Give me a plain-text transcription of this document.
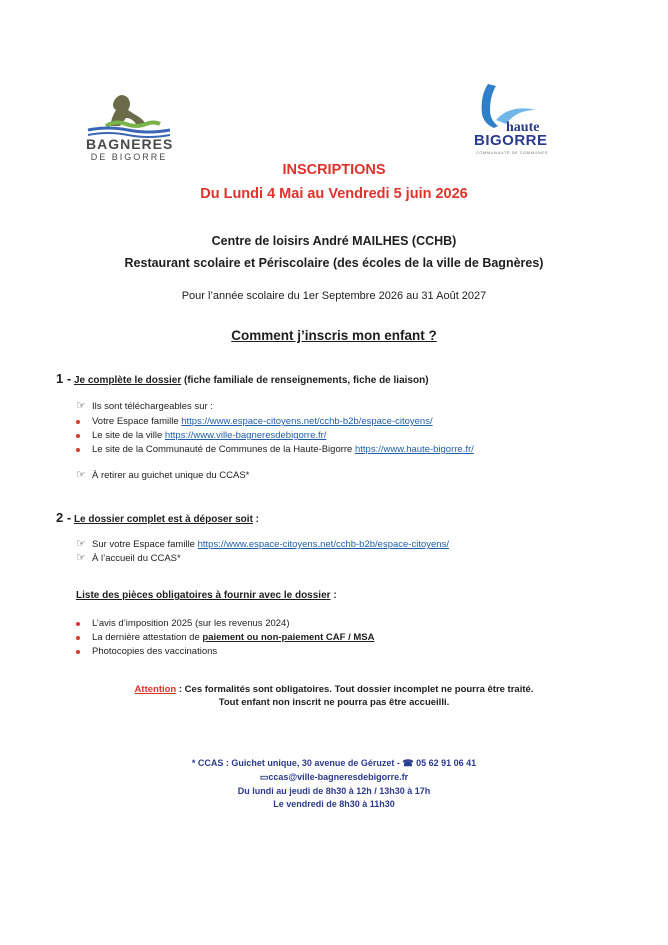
BAGNERES
DE BIGORRE
haute
BIGORRE
COMMUNAUTÉ DE COMMUNES
INSCRIPTIONS
Du Lundi 4 Mai au Vendredi 5 juin 2026
Centre de loisirs André MAILHES (CCHB)
Restaurant scolaire et Périscolaire (des écoles de la ville de Bagnères)
Pour l’année scolaire du 1er Septembre 2026 au 31 Août 2027
Comment j’inscris mon enfant ?
1 - Je complète le dossier (fiche familiale de renseignements, fiche de liaison)
☞ Ils sont téléchargeables sur :
Votre Espace famille https://www.espace-citoyens.net/cchb-b2b/espace-citoyens/
Le site de la ville https://www.ville-bagneresdebigorre.fr/
Le site de la Communauté de Communes de la Haute-Bigorre https://www.haute-bigorre.fr/
☞ À retirer au guichet unique du CCAS*
2 - Le dossier complet est à déposer soit :
☞ Sur votre Espace famille https://www.espace-citoyens.net/cchb-b2b/espace-citoyens/
☞ À l’accueil du CCAS*
Liste des pièces obligatoires à fournir avec le dossier :
L’avis d’imposition 2025 (sur les revenus 2024)
La dernière attestation de paiement ou non-paiement CAF / MSA
Photocopies des vaccinations
Attention : Ces formalités sont obligatoires. Tout dossier incomplet ne pourra être traité.
Tout enfant non inscrit ne pourra pas être accueilli.
* CCAS : Guichet unique, 30 avenue de Géruzet - ☎ 05 62 91 06 41
▭ccas@ville-bagneresdebigorre.fr
Du lundi au jeudi de 8h30 à 12h / 13h30 à 17h
Le vendredi de 8h30 à 11h30
